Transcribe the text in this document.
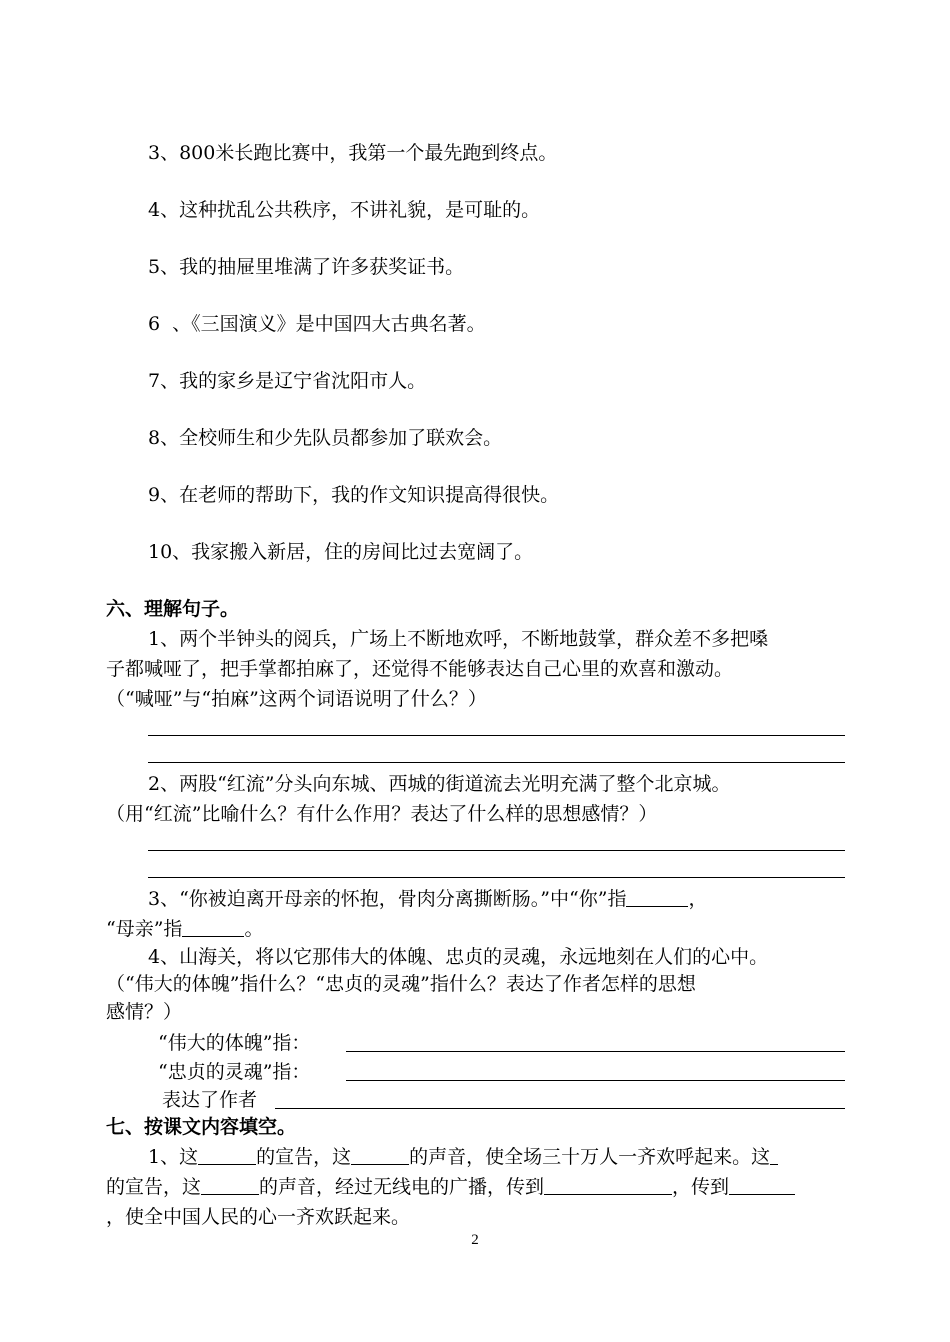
3、800米长跑比赛中，我第一个最先跑到终点。
4、这种扰乱公共秩序，不讲礼貌，是可耻的。
5、我的抽屉里堆满了许多获奖证书。
6  、《三国演义》是中国四大古典名著。
7、我的家乡是辽宁省沈阳市人。
8、全校师生和少先队员都参加了联欢会。
9、在老师的帮助下，我的作文知识提高得很快。
10、我家搬入新居，住的房间比过去宽阔了。
六、理解句子。
1、两个半钟头的阅兵，广场上不断地欢呼，不断地鼓掌，群众差不多把嗓
子都喊哑了，把手掌都拍麻了，还觉得不能够表达自己心里的欢喜和激动。
（“喊哑”与“拍麻”这两个词语说明了什么？）
2、两股“红流”分头向东城、西城的街道流去光明充满了整个北京城。
（用“红流”比喻什么？有什么作用？表达了什么样的思想感情？）
3、“你被迫离开母亲的怀抱，骨肉分离撕断肠。”中“你”指	，
“母亲”指	。
4、山海关，将以它那伟大的体魄、忠贞的灵魂，永远地刻在人们的心中。
（“伟大的体魄”指什么？“忠贞的灵魂”指什么？表达了作者怎样的思想
感情？）
“伟大的体魄”指：
“忠贞的灵魂”指：
表达了作者
七、按课文内容填空。
1、这	的宣告，这	的声音，使全场三十万人一齐欢呼起来。这
的宣告，这	的声音，经过无线电的广播，传到	，传到
，使全中国人民的心一齐欢跃起来。
2
